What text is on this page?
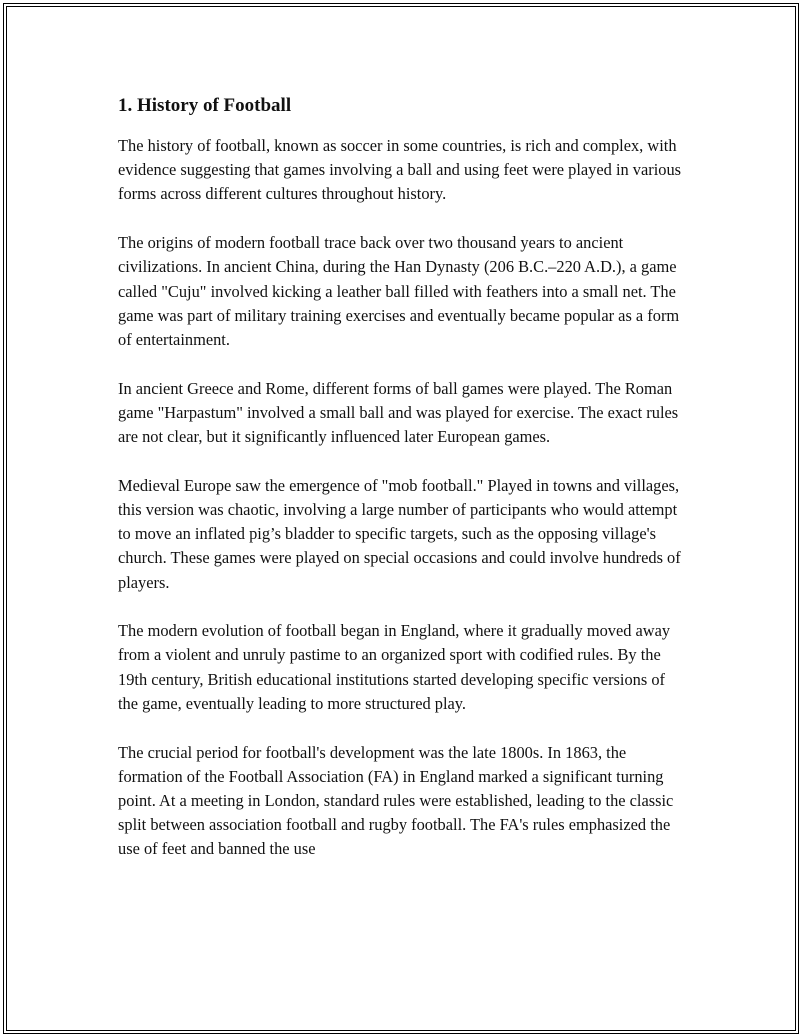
1. History of Football

The history of football, known as soccer in some countries, is rich and complex, with evidence suggesting that games involving a ball and using feet were played in various forms across different cultures throughout history.

The origins of modern football trace back over two thousand years to ancient civilizations. In ancient China, during the Han Dynasty (206 B.C.–220 A.D.), a game called "Cuju" involved kicking a leather ball filled with feathers into a small net. The game was part of military training exercises and eventually became popular as a form of entertainment.

In ancient Greece and Rome, different forms of ball games were played. The Roman game "Harpastum" involved a small ball and was played for exercise. The exact rules are not clear, but it significantly influenced later European games.

Medieval Europe saw the emergence of "mob football." Played in towns and villages, this version was chaotic, involving a large number of participants who would attempt to move an inflated pig’s bladder to specific targets, such as the opposing village's church. These games were played on special occasions and could involve hundreds of players.

The modern evolution of football began in England, where it gradually moved away from a violent and unruly pastime to an organized sport with codified rules. By the 19th century, British educational institutions started developing specific versions of the game, eventually leading to more structured play.

The crucial period for football's development was the late 1800s. In 1863, the formation of the Football Association (FA) in England marked a significant turning point. At a meeting in London, standard rules were established, leading to the classic split between association football and rugby football. The FA's rules emphasized the use of feet and banned the use
